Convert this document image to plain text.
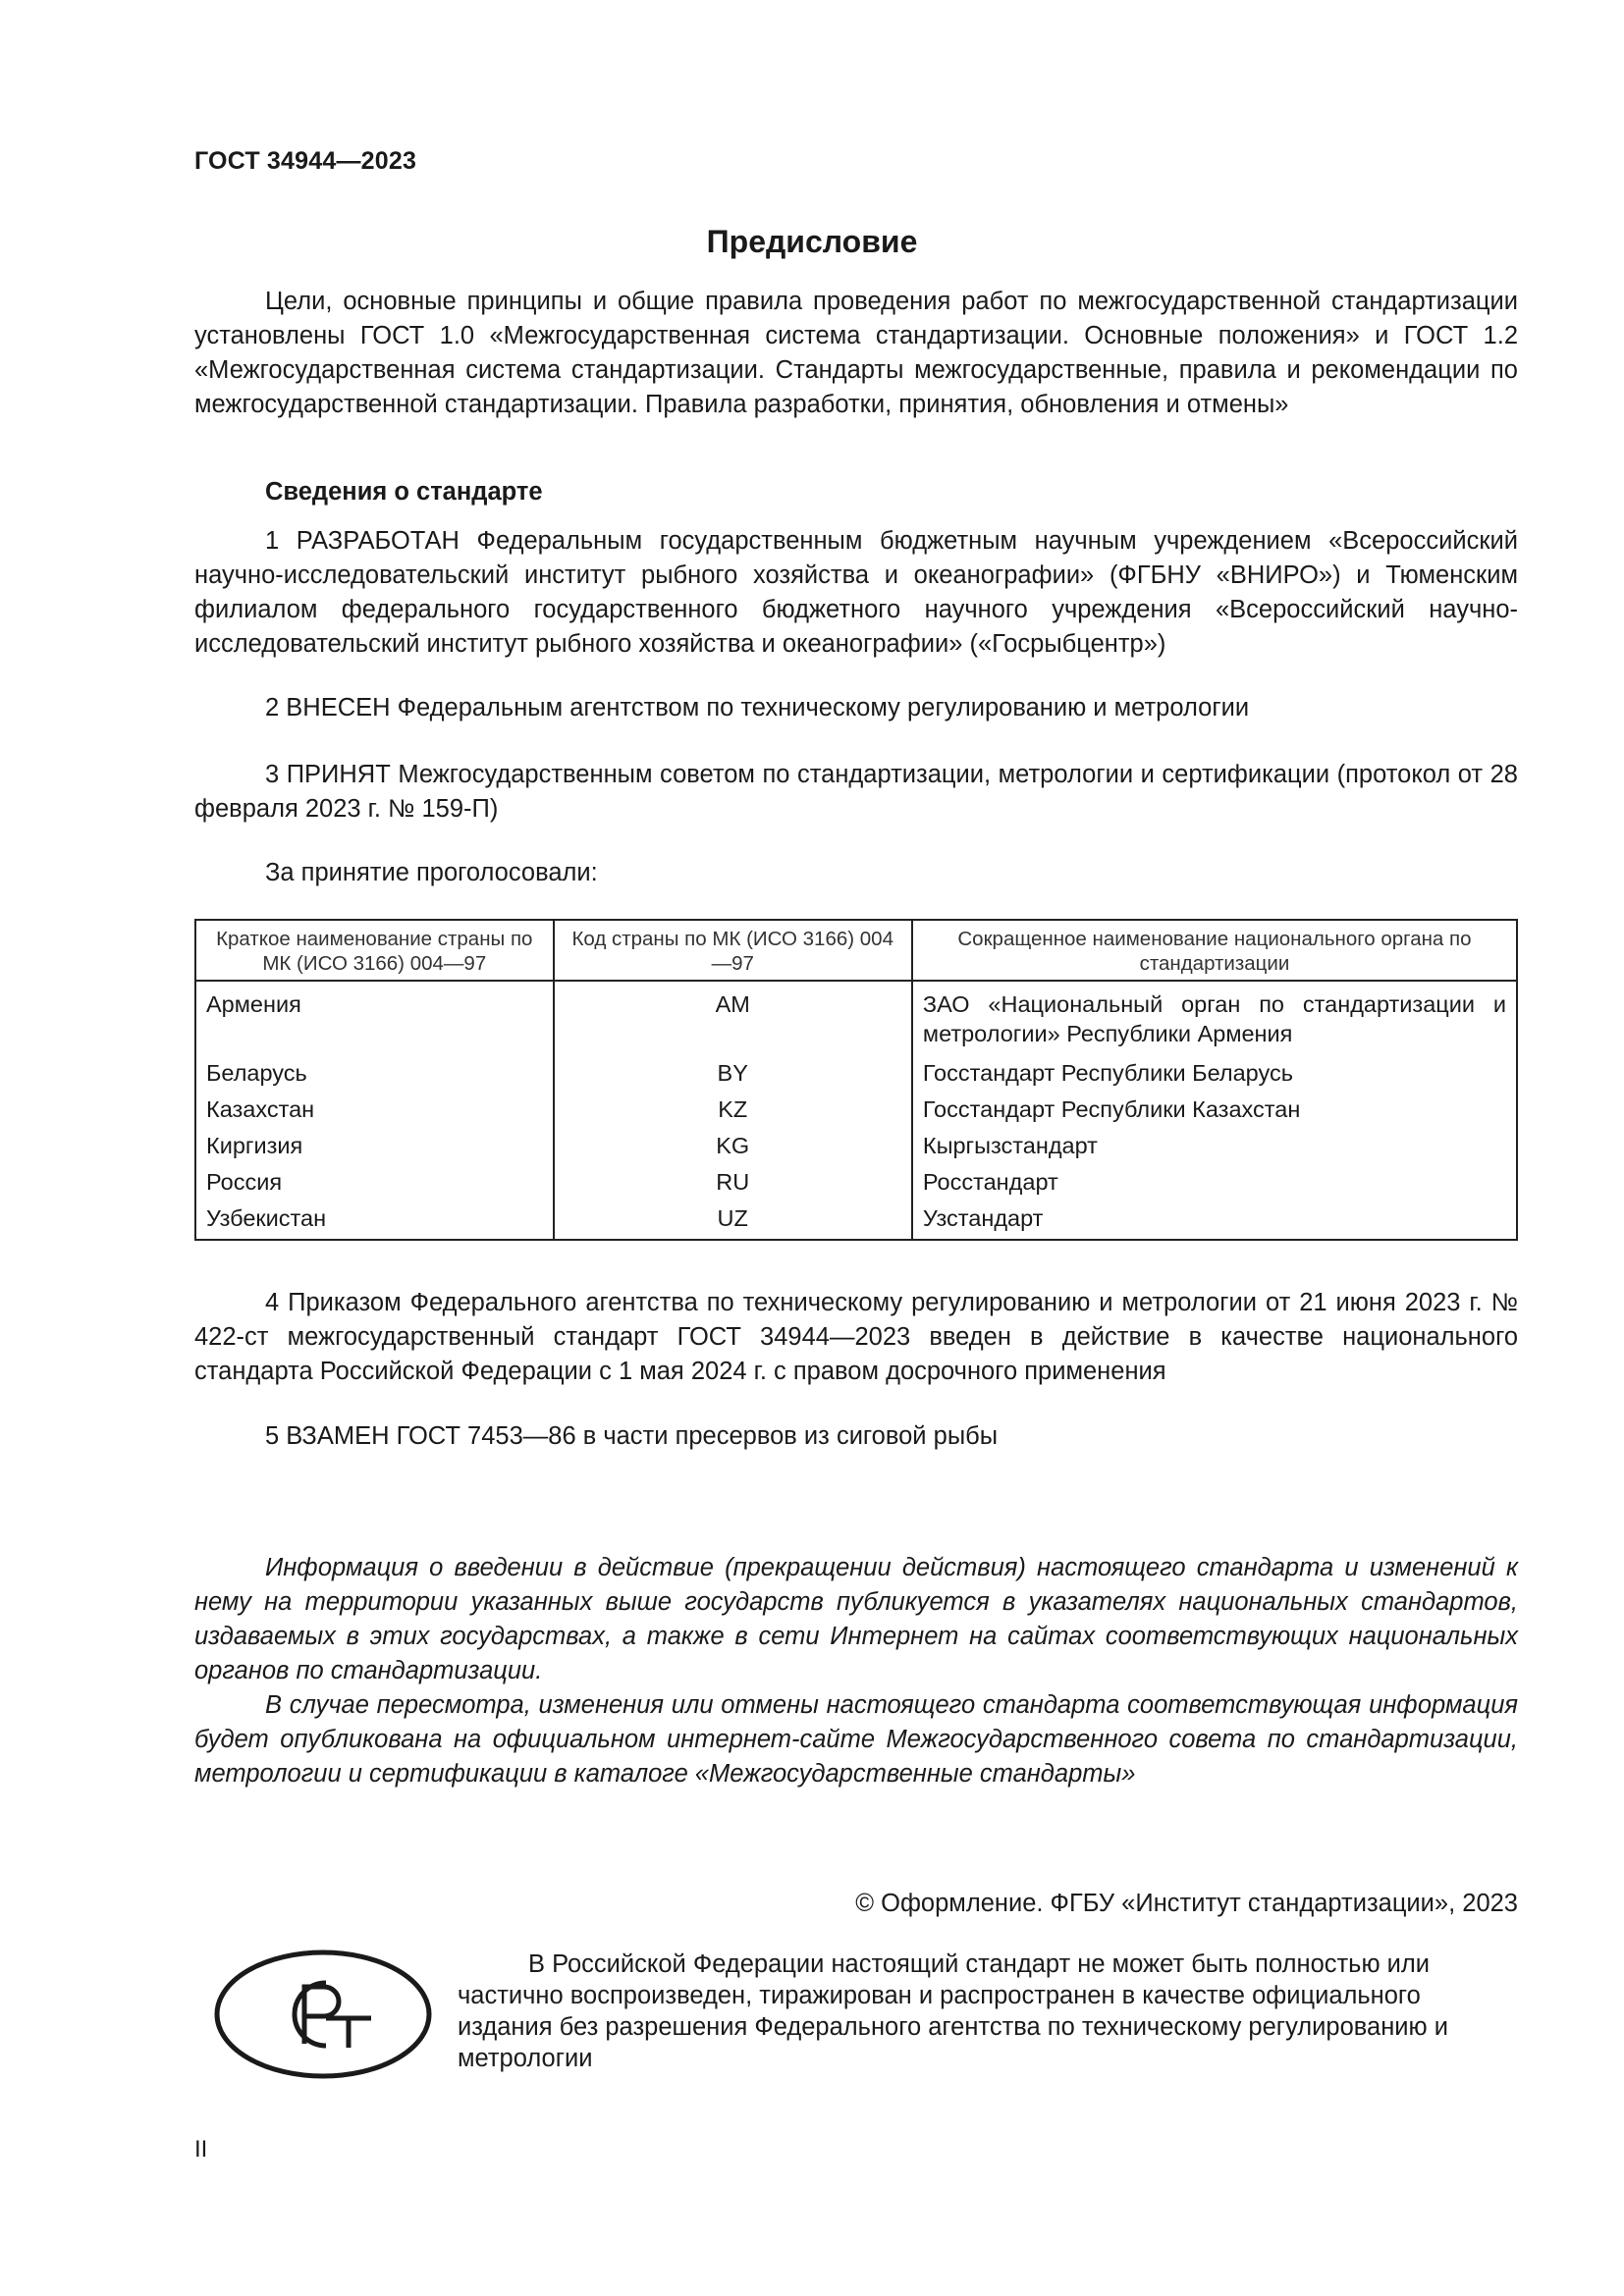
ГОСТ 34944—2023
Предисловие

Цели, основные принципы и общие правила проведения работ по межгосударственной стандартизации установлены ГОСТ 1.0 «Межгосударственная система стандартизации. Основные положения» и ГОСТ 1.2 «Межгосударственная система стандартизации. Стандарты межгосударственные, правила и рекомендации по межгосударственной стандартизации. Правила разработки, принятия, обновления и отмены»

Сведения о стандарте

1 РАЗРАБОТАН Федеральным государственным бюджетным научным учреждением «Всероссийский научно-исследовательский институт рыбного хозяйства и океанографии» (ФГБНУ «ВНИРО») и Тюменским филиалом федерального государственного бюджетного научного учреждения «Всероссийский научно-исследовательский институт рыбного хозяйства и океанографии» («Госрыбцентр»)

2 ВНЕСЕН Федеральным агентством по техническому регулированию и метрологии

3 ПРИНЯТ Межгосударственным советом по стандартизации, метрологии и сертификации (протокол от 28 февраля 2023 г. № 159-П)

За принятие проголосовали:

Краткое наименование страны по МК (ИСО 3166) 004—97	Код страны по МК (ИСО 3166) 004—97	Сокращенное наименование национального органа по стандартизации
Армения	AM	ЗАО «Национальный орган по стандартизации и метрологии» Республики Армения
Беларусь	BY	Госстандарт Республики Беларусь
Казахстан	KZ	Госстандарт Республики Казахстан
Киргизия	KG	Кыргызстандарт
Россия	RU	Росстандарт
Узбекистан	UZ	Узстандарт

4 Приказом Федерального агентства по техническому регулированию и метрологии от 21 июня 2023 г. № 422-ст межгосударственный стандарт ГОСТ 34944—2023 введен в действие в качестве национального стандарта Российской Федерации с 1 мая 2024 г. с правом досрочного применения

5 ВЗАМЕН ГОСТ 7453—86 в части пресервов из сиговой рыбы

Информация о введении в действие (прекращении действия) настоящего стандарта и изменений к нему на территории указанных выше государств публикуется в указателях национальных стандартов, издаваемых в этих государствах, а также в сети Интернет на сайтах соответствующих национальных органов по стандартизации.

В случае пересмотра, изменения или отмены настоящего стандарта соответствующая информация будет опубликована на официальном интернет-сайте Межгосударственного совета по стандартизации, метрологии и сертификации в каталоге «Межгосударственные стандарты»

© Оформление. ФГБУ «Институт стандартизации», 2023

В Российской Федерации настоящий стандарт не может быть полностью или частично воспроизведен, тиражирован и распространен в качестве официального издания без разрешения Федерального агентства по техническому регулированию и метрологии

II
